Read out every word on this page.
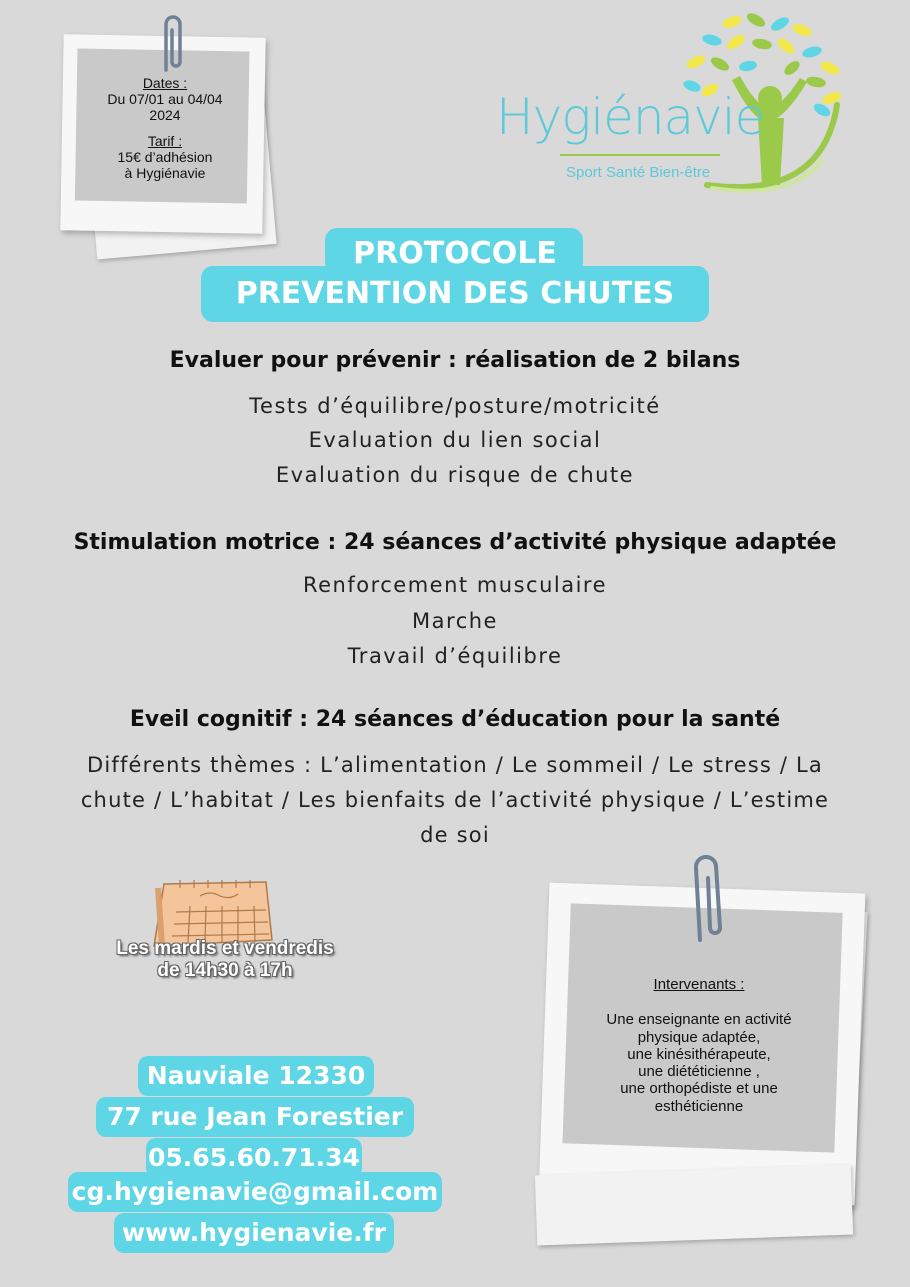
Dates :
Du 07/01 au 04/04
2024
Tarif :
15€ d’adhésion
à Hygiénavie
Hygiénavie
Sport Santé Bien-être
PROTOCOLE
PREVENTION DES CHUTES
Evaluer pour prévenir : réalisation de 2 bilans
Tests d’équilibre/posture/motricité
Evaluation du lien social
Evaluation du risque de chute
Stimulation motrice : 24 séances d’activité physique adaptée
Renforcement musculaire
Marche
Travail d’équilibre
Eveil cognitif : 24 séances d’éducation pour la santé
Différents thèmes : L’alimentation / Le sommeil / Le stress / La
chute / L’habitat / Les bienfaits de l’activité physique / L’estime
de soi
Les mardis et vendredis
de 14h30 à 17h
Nauviale 12330
77 rue Jean Forestier
05.65.60.71.34
cg.hygienavie@gmail.com
www.hygienavie.fr
Intervenants :
Une enseignante en activité
physique adaptée,
une kinésithérapeute,
une diététicienne ,
une orthopédiste et une
esthéticienne
